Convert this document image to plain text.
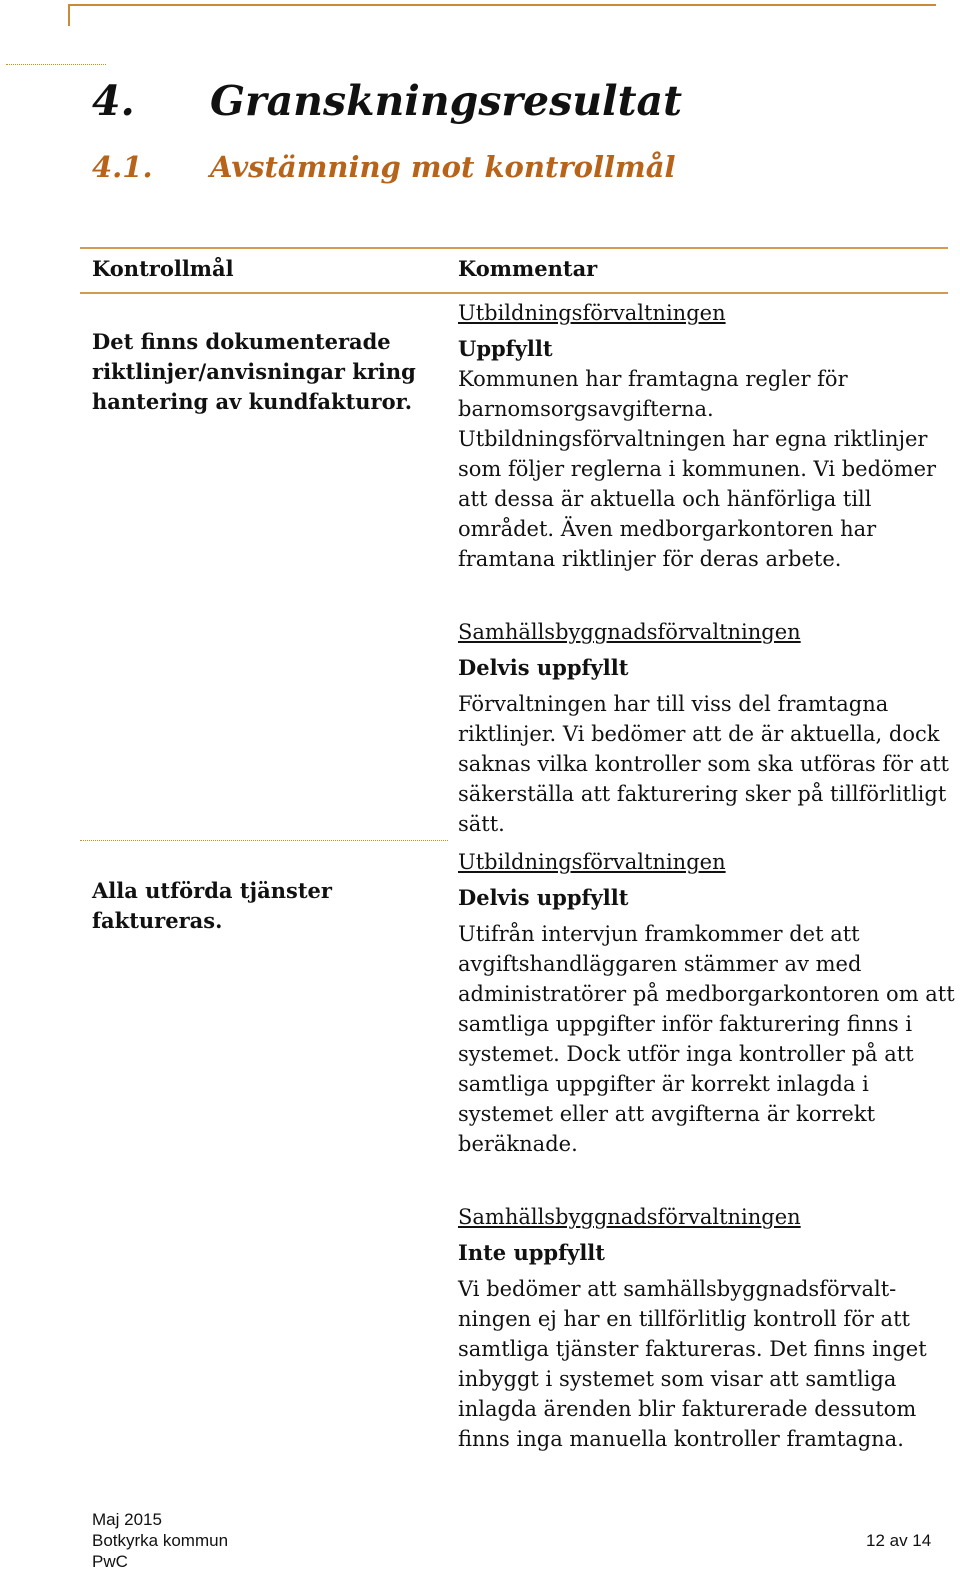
4. Granskningsresultat
4.1. Avstämning mot kontrollmål
Kontrollmål	Kommentar
Det finns dokumenterade
riktlinjer/anvisningar kring
hantering av kundfakturor.
Alla utförda tjänster
faktureras.
Utbildningsförvaltningen
Uppfyllt
Kommunen har framtagna regler för
barnomsorgsavgifterna.
Utbildningsförvaltningen har egna riktlinjer
som följer reglerna i kommunen. Vi bedömer
att dessa är aktuella och hänförliga till
området. Även medborgarkontoren har
framtana riktlinjer för deras arbete.
Samhällsbyggnadsförvaltningen
Delvis uppfyllt
Förvaltningen har till viss del framtagna
riktlinjer. Vi bedömer att de är aktuella, dock
saknas vilka kontroller som ska utföras för att
säkerställa att fakturering sker på tillförlitligt
sätt.
Utbildningsförvaltningen
Delvis uppfyllt
Utifrån intervjun framkommer det att
avgiftshandläggaren stämmer av med
administratörer på medborgarkontoren om att
samtliga uppgifter inför fakturering finns i
systemet. Dock utför inga kontroller på att
samtliga uppgifter är korrekt inlagda i
systemet eller att avgifterna är korrekt
beräknade.
Samhällsbyggnadsförvaltningen
Inte uppfyllt
Vi bedömer att samhällsbyggnadsförvalt-
ningen ej har en tillförlitlig kontroll för att
samtliga tjänster faktureras. Det finns inget
inbyggt i systemet som visar att samtliga
inlagda ärenden blir fakturerade dessutom
finns inga manuella kontroller framtagna.
Maj 2015
Botkyrka kommun
PwC
12 av 14
